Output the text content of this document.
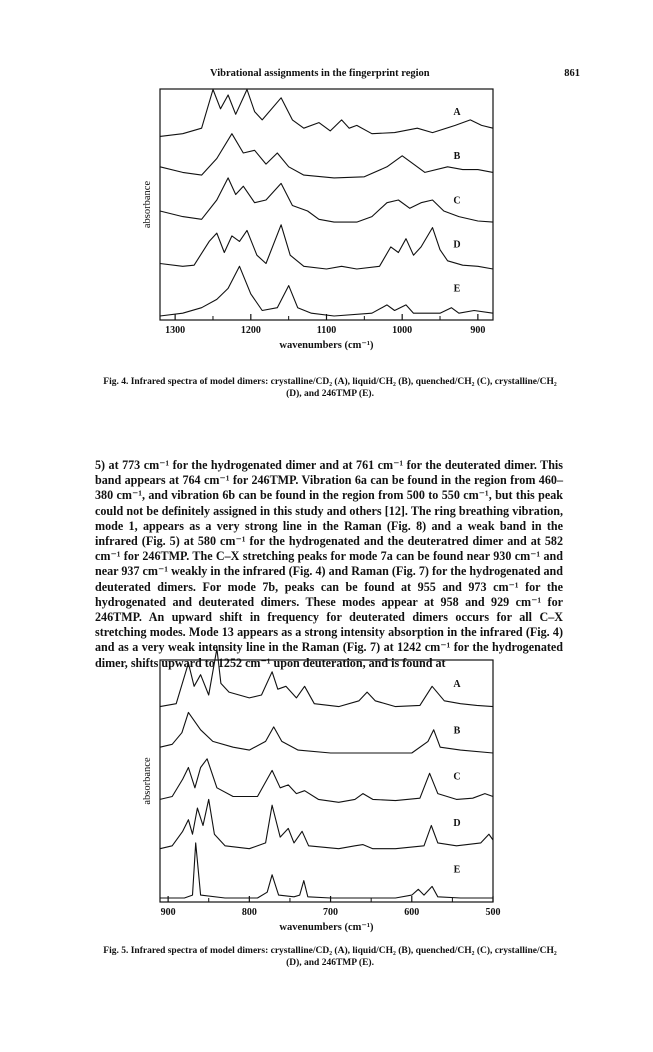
Vibrational assignments in the fingerprint region	861
A
B
C
D
E
1300	1200	1100	1000	900
wavenumbers (cm⁻¹)
absorbance
Fig. 4. Infrared spectra of model dimers: crystalline/CD₂ (A), liquid/CH₂ (B), quenched/CH₂ (C), crystalline/CH₂ (D), and 246TMP (E).

5) at 773 cm⁻¹ for the hydrogenated dimer and at 761 cm⁻¹ for the deuterated dimer. This band appears at 764 cm⁻¹ for 246TMP. Vibration 6a can be found in the region from 460–380 cm⁻¹, and vibration 6b can be found in the region from 500 to 550 cm⁻¹, but this peak could not be definitely assigned in this study and others [12]. The ring breathing vibration, mode 1, appears as a very strong line in the Raman (Fig. 8) and a weak band in the infrared (Fig. 5) at 580 cm⁻¹ for the hydrogenated and the deuteratred dimer and at 582 cm⁻¹ for 246TMP. The C–X stretching peaks for mode 7a can be found near 930 cm⁻¹ and near 937 cm⁻¹ weakly in the infrared (Fig. 4) and Raman (Fig. 7) for the hydrogenated and deuterated dimers. For mode 7b, peaks can be found at 955 and 973 cm⁻¹ for the hydrogenated and deuterated dimers. These modes appear at 958 and 929 cm⁻¹ for 246TMP. An upward shift in frequency for deuterated dimers occurs for all C–X stretching modes. Mode 13 appears as a strong intensity absorption in the infrared (Fig. 4) and as a very weak intensity line in the Raman (Fig. 7) at 1242 cm⁻¹ for the hydrogenated dimer, shifts upward to 1252 cm⁻¹ upon deuteration, and is found at

A
B
C
D
E
900	800	700	600	500
wavenumbers (cm⁻¹)
absorbance
Fig. 5. Infrared spectra of model dimers: crystalline/CD₂ (A), liquid/CH₂ (B), quenched/CH₂ (C), crystalline/CH₂ (D), and 246TMP (E).
